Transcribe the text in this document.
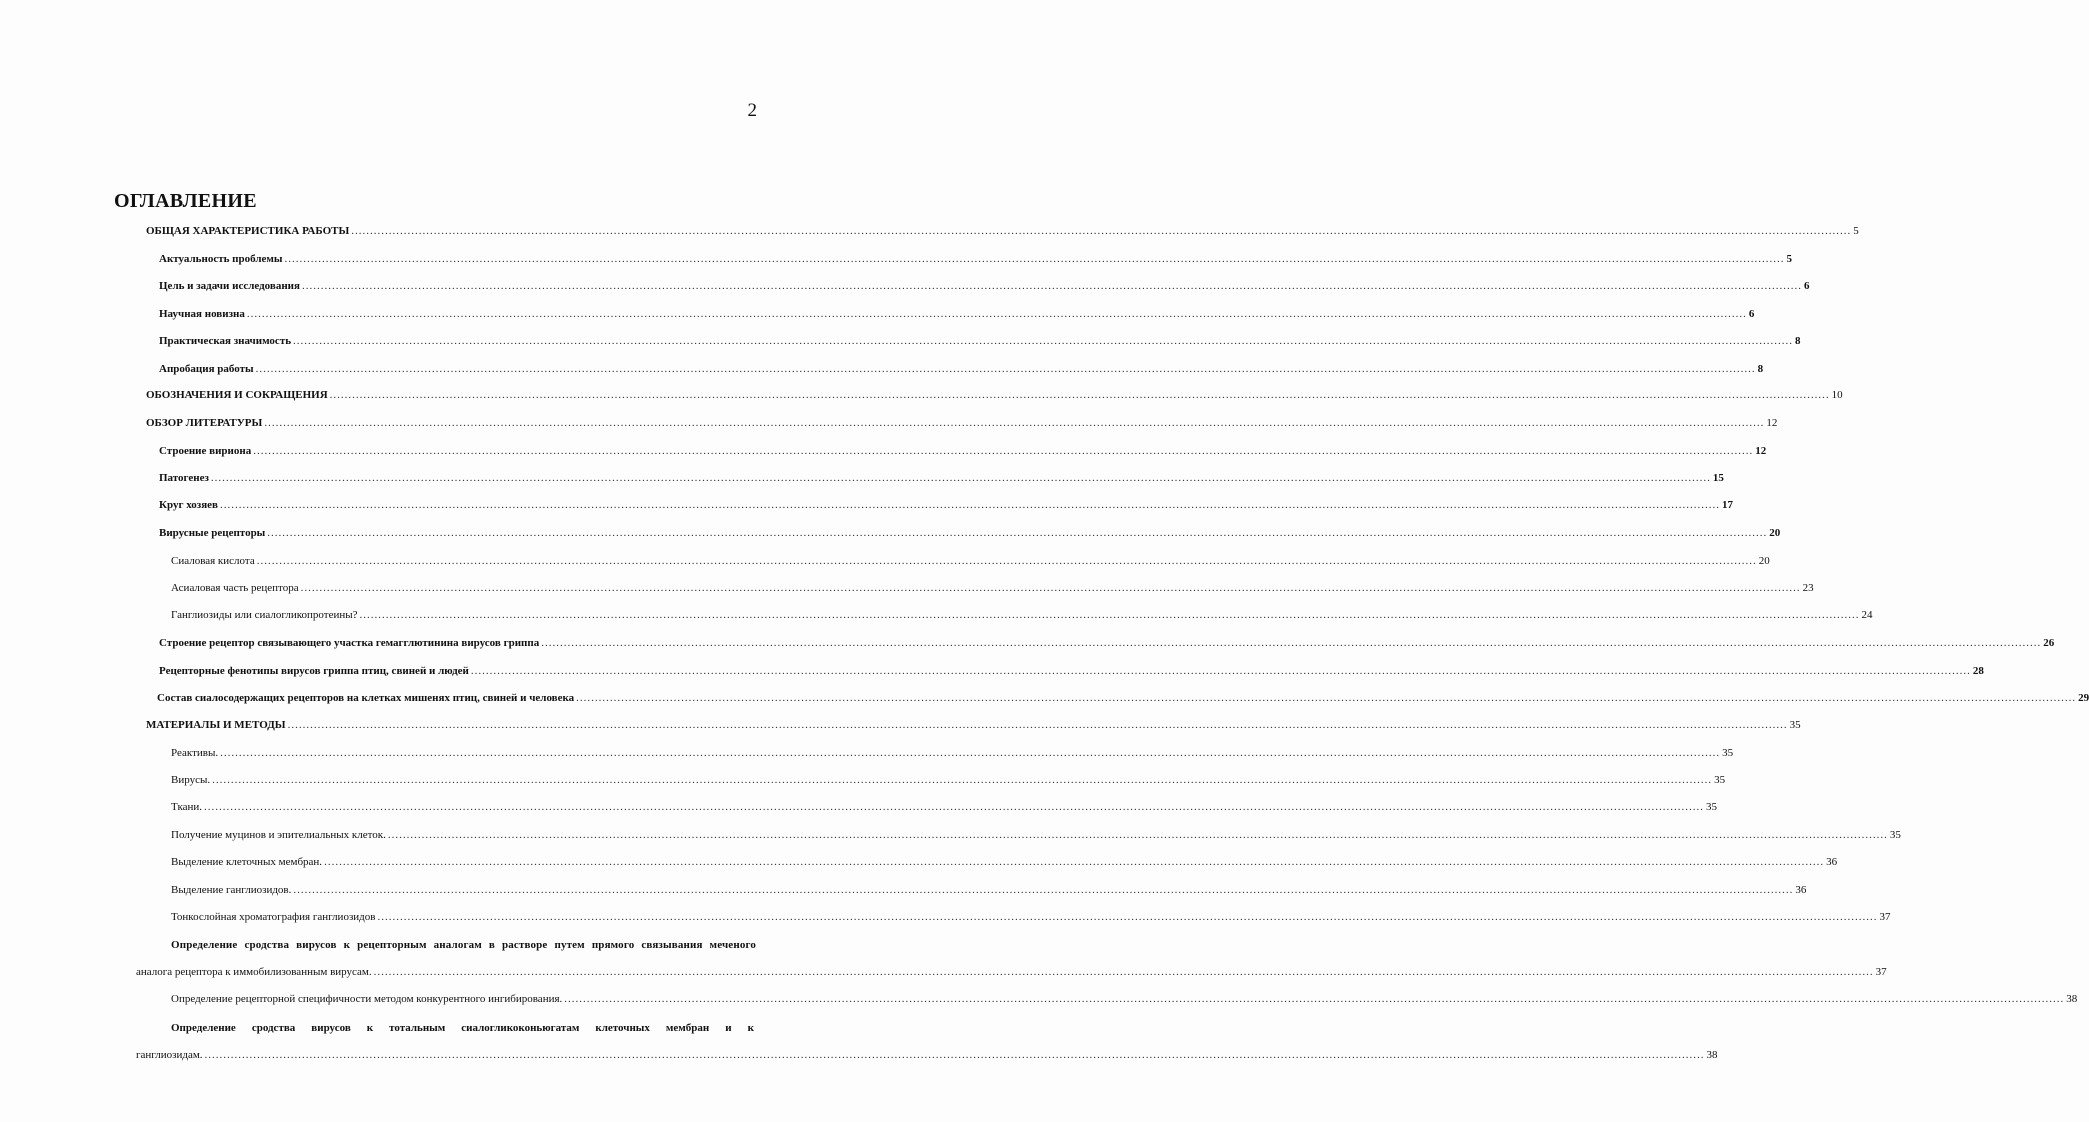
2
ОГЛАВЛЕНИЕ
ОБЩАЯ ХАРАКТЕРИСТИКА РАБОТЫ ................................................................................................................................................................................................................................................................................................................................................................................................................ 5
Актуальность проблемы ................................................................................................................................................................................................................................................................................................................................................................................................................ 5
Цель и задачи исследования ................................................................................................................................................................................................................................................................................................................................................................................................................ 6
Научная новизна ................................................................................................................................................................................................................................................................................................................................................................................................................ 6
Практическая значимость ................................................................................................................................................................................................................................................................................................................................................................................................................ 8
Апробация работы ................................................................................................................................................................................................................................................................................................................................................................................................................ 8
ОБОЗНАЧЕНИЯ И СОКРАЩЕНИЯ ................................................................................................................................................................................................................................................................................................................................................................................................................ 10
ОБЗОР ЛИТЕРАТУРЫ ................................................................................................................................................................................................................................................................................................................................................................................................................ 12
Строение вириона ................................................................................................................................................................................................................................................................................................................................................................................................................ 12
Патогенез ................................................................................................................................................................................................................................................................................................................................................................................................................ 15
Круг хозяев ................................................................................................................................................................................................................................................................................................................................................................................................................ 17
Вирусные рецепторы ................................................................................................................................................................................................................................................................................................................................................................................................................ 20
Сиаловая кислота ................................................................................................................................................................................................................................................................................................................................................................................................................ 20
Асиаловая часть рецептора ................................................................................................................................................................................................................................................................................................................................................................................................................ 23
Ганглиозиды или сиалогликопротеины? ................................................................................................................................................................................................................................................................................................................................................................................................................ 24
Строение рецептор связывающего участка гемагглютинина вирусов гриппа ................................................................................................................................................................................................................................................................................................................................................................................................................ 26
Рецепторные фенотипы вирусов гриппа птиц, свиней и людей ................................................................................................................................................................................................................................................................................................................................................................................................................ 28
Состав сиалосодержащих рецепторов на клетках мишенях птиц, свиней и человека ................................................................................................................................................................................................................................................................................................................................................................................................................ 29
МАТЕРИАЛЫ И МЕТОДЫ ................................................................................................................................................................................................................................................................................................................................................................................................................ 35
Реактивы. ................................................................................................................................................................................................................................................................................................................................................................................................................ 35
Вирусы. ................................................................................................................................................................................................................................................................................................................................................................................................................ 35
Ткани. ................................................................................................................................................................................................................................................................................................................................................................................................................ 35
Получение муцинов и эпителиальных клеток. ................................................................................................................................................................................................................................................................................................................................................................................................................ 35
Выделение клеточных мембран. ................................................................................................................................................................................................................................................................................................................................................................................................................ 36
Выделение ганглиозидов. ................................................................................................................................................................................................................................................................................................................................................................................................................ 36
Тонкослойная хроматография ганглиозидов ................................................................................................................................................................................................................................................................................................................................................................................................................ 37
Определение сродства вирусов к рецепторным аналогам в растворе путем прямого связывания меченого
аналога рецептора к иммобилизованным вирусам. ................................................................................................................................................................................................................................................................................................................................................................................................................ 37
Определение рецепторной специфичности методом конкурентного ингибирования. ................................................................................................................................................................................................................................................................................................................................................................................................................ 38
Определение сродства вирусов к тотальным сиалогликоконьюгатам клеточных мембран и к
ганглиозидам. ................................................................................................................................................................................................................................................................................................................................................................................................................ 38
